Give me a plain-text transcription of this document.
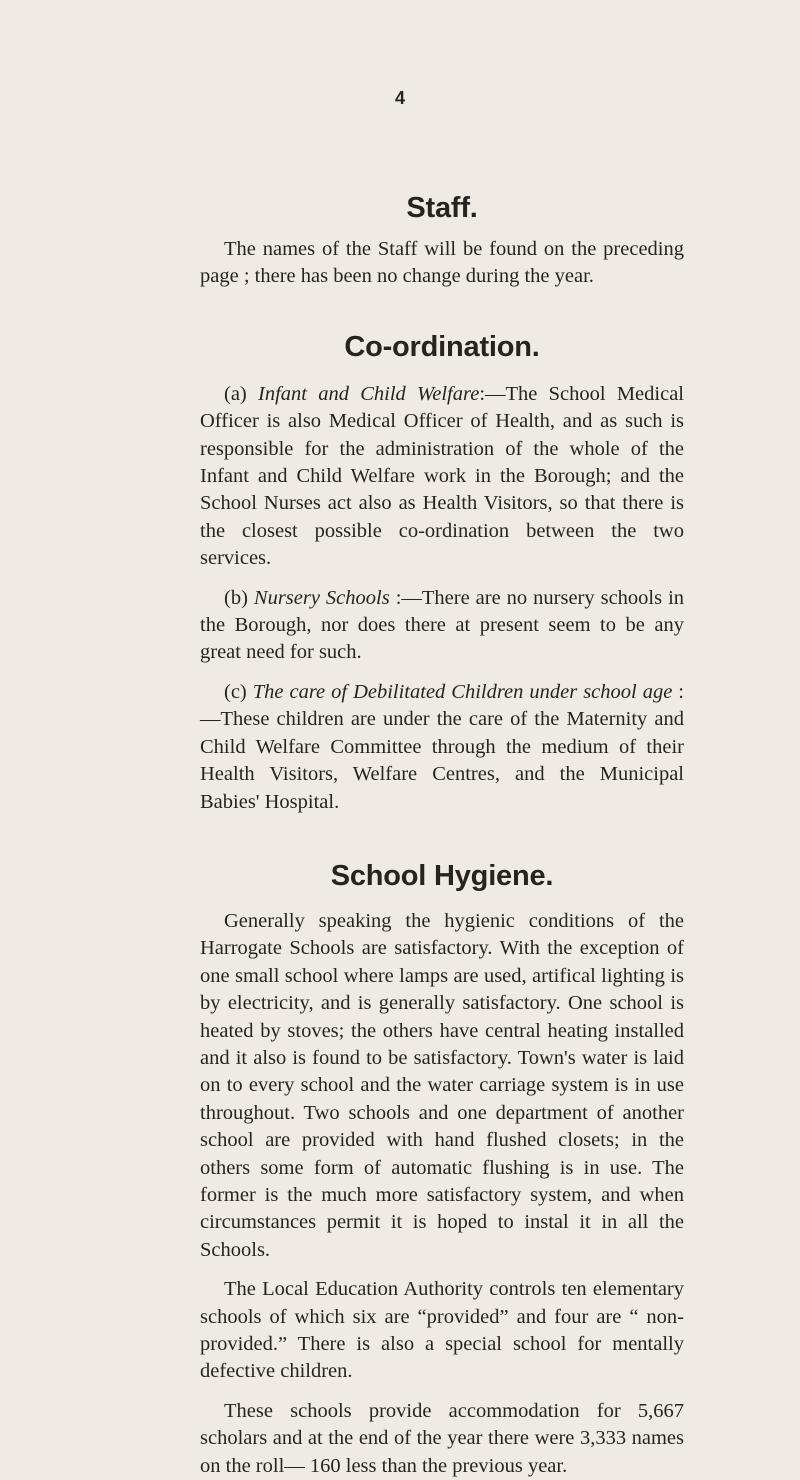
4
Staff.

The names of the Staff will be found on the preceding page ; there has been no change during the year.

Co-ordination.

(a) Infant and Child Welfare:—The School Medical Officer is also Medical Officer of Health, and as such is responsible for the administration of the whole of the Infant and Child Welfare work in the Borough; and the School Nurses act also as Health Visitors, so that there is the closest possible co-ordination between the two services.

(b) Nursery Schools :—There are no nursery schools in the Borough, nor does there at present seem to be any great need for such.

(c) The care of Debilitated Children under school age :—These children are under the care of the Maternity and Child Welfare Committee through the medium of their Health Visitors, Welfare Centres, and the Municipal Babies' Hospital.

School Hygiene.

Generally speaking the hygienic conditions of the Harrogate Schools are satisfactory. With the exception of one small school where lamps are used, artifical lighting is by electricity, and is generally satisfactory. One school is heated by stoves; the others have central heating installed and it also is found to be satisfactory. Town's water is laid on to every school and the water carriage system is in use throughout. Two schools and one department of another school are provided with hand flushed closets; in the others some form of automatic flushing is in use. The former is the much more satisfactory system, and when circumstances permit it is hoped to instal it in all the Schools.

The Local Education Authority controls ten elementary schools of which six are “provided” and four are “ non-provided.” There is also a special school for mentally defective children.

These schools provide accommodation for 5,667 scholars and at the end of the year there were 3,333 names on the roll— 160 less than the previous year.
